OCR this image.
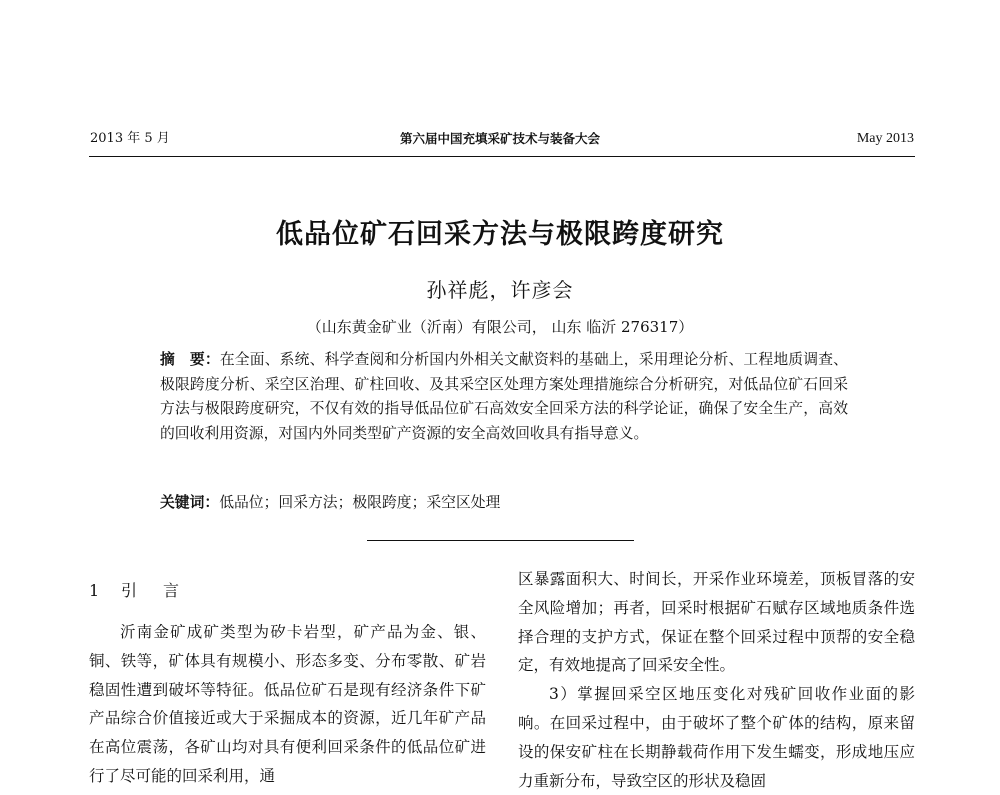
2013 年 5 月	第六届中国充填采矿技术与装备大会	May 2013
低品位矿石回采方法与极限跨度研究
孙祥彪，许彦会
（山东黄金矿业（沂南）有限公司， 山东 临沂 276317）

摘　要：在全面、系统、科学查阅和分析国内外相关文献资料的基础上，采用理论分析、工程地质调查、极限跨度分析、采空区治理、矿柱回收、及其采空区处理方案处理措施综合分析研究，对低品位矿石回采方法与极限跨度研究，不仅有效的指导低品位矿石高效安全回采方法的科学论证，确保了安全生产，高效的回收利用资源，对国内外同类型矿产资源的安全高效回收具有指导意义。

关键词：低品位；回采方法；极限跨度；采空区处理

1 引 言

沂南金矿成矿类型为矽卡岩型，矿产品为金、银、铜、铁等，矿体具有规模小、形态多变、分布零散、矿岩稳固性遭到破坏等特征。低品位矿石是现有经济条件下矿产品综合价值接近或大于采掘成本的资源，近几年矿产品在高位震荡，各矿山均对具有便利回采条件的低品位矿进行了尽可能的回采利用，通

区暴露面积大、时间长，开采作业环境差，顶板冒落的安全风险增加；再者，回采时根据矿石赋存区域地质条件选择合理的支护方式，保证在整个回采过程中顶帮的安全稳定，有效地提高了回采安全性。

3）掌握回采空区地压变化对残矿回收作业面的影响。在回采过程中，由于破坏了整个矿体的结构，原来留设的保安矿柱在长期静载荷作用下发生蠕变，形成地压应力重新分布，导致空区的形状及稳固
